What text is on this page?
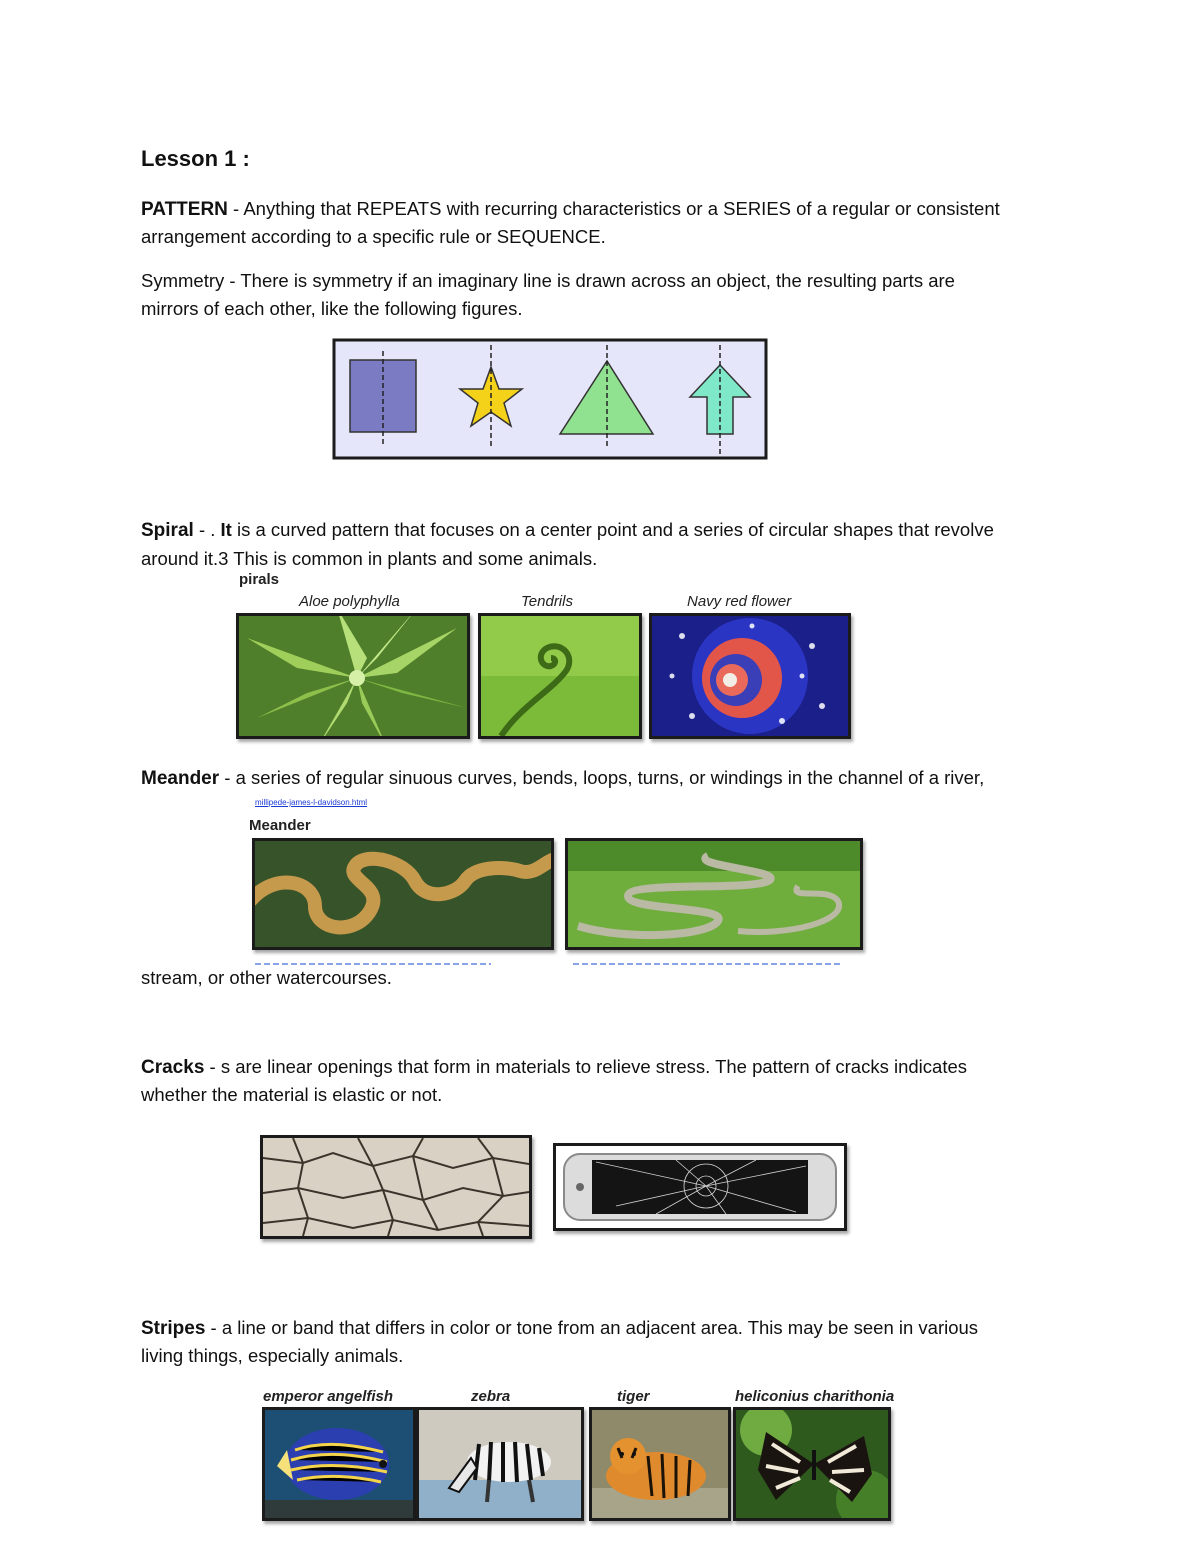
Lesson 1 :
PATTERN - Anything that REPEATS with recurring characteristics or a SERIES of a regular or consistent
arrangement according to a specific rule or SEQUENCE.
Symmetry - There is symmetry if an imaginary line is drawn across an object, the resulting parts are
mirrors of each other, like the following figures.
Spiral - . It is a curved pattern that focuses on a center point and a series of circular shapes that revolve
around it.3 This is common in plants and some animals.
pirals
Aloe polyphylla	Tendrils	Navy red flower
Meander - a series of regular sinuous curves, bends, loops, turns, or windings in the channel of a river,
millipede-james-l-davidson.html
Meander
stream, or other watercourses.
Cracks - s are linear openings that form in materials to relieve stress. The pattern of cracks indicates
whether the material is elastic or not.
Stripes - a line or band that differs in color or tone from an adjacent area. This may be seen in various
living things, especially animals.
emperor angelfish	zebra	tiger	heliconius charithonia
